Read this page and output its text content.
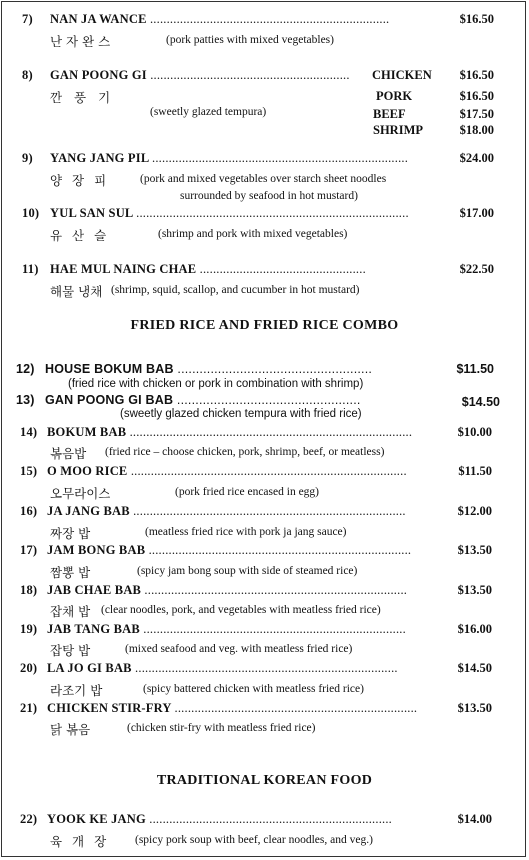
7) NAN JA WANCE ........................................................................	$16.50
난 자 완 스	(pork patties with mixed vegetables)
8) GAN POONG GI ............................................................	CHICKEN	$16.50
깐 풍 기	PORK	$16.50
(sweetly glazed tempura)	BEEF	$17.50
SHRIMP	$18.00
9) YANG JANG PIL .............................................................................	$24.00
양 장 피	(pork and mixed vegetables over starch sheet noodles
surrounded by seafood in hot mustard)
10) YUL SAN SUL ..................................................................................	$17.00
유 산 슬	(shrimp and pork with mixed vegetables)
11) HAE MUL NAING CHAE ..................................................	$22.50
해물 냉채 (shrimp, squid, scallop, and cucumber in hot mustard)
FRIED RICE AND FRIED RICE COMBO
12) HOUSE BOKUM BAB .....................................................	$11.50
(fried rice with chicken or pork in combination with shrimp)
13) GAN POONG GI BAB ..................................................	$14.50
(sweetly glazed chicken tempura with fried rice)
14) BOKUM BAB .....................................................................................	$10.00
볶음밥 (fried rice – choose chicken, pork, shrimp, beef, or meatless)
15) O MOO RICE ...................................................................................	$11.50
오무라이스	(pork fried rice encased in egg)
16) JA JANG BAB ..................................................................................	$12.00
짜장 밥	(meatless fried rice with pork ja jang sauce)
17) JAM BONG BAB ...............................................................................	$13.50
짬뽕 밥	(spicy jam bong soup with side of steamed rice)
18) JAB CHAE BAB ...............................................................................	$13.50
잡채 밥 (clear noodles, pork, and vegetables with meatless fried rice)
19) JAB TANG BAB ...............................................................................	$16.00
잡탕 밥	(mixed seafood and veg. with meatless fried rice)
20) LA JO GI BAB ...............................................................................	$14.50
라조기 밥	(spicy battered chicken with meatless fried rice)
21) CHICKEN STIR-FRY .........................................................................	$13.50
닭 볶음	(chicken stir-fry with meatless fried rice)
TRADITIONAL KOREAN FOOD
22) YOOK KE JANG .........................................................................	$14.00
육 개 장 (spicy pork soup with beef, clear noodles, and veg.)
